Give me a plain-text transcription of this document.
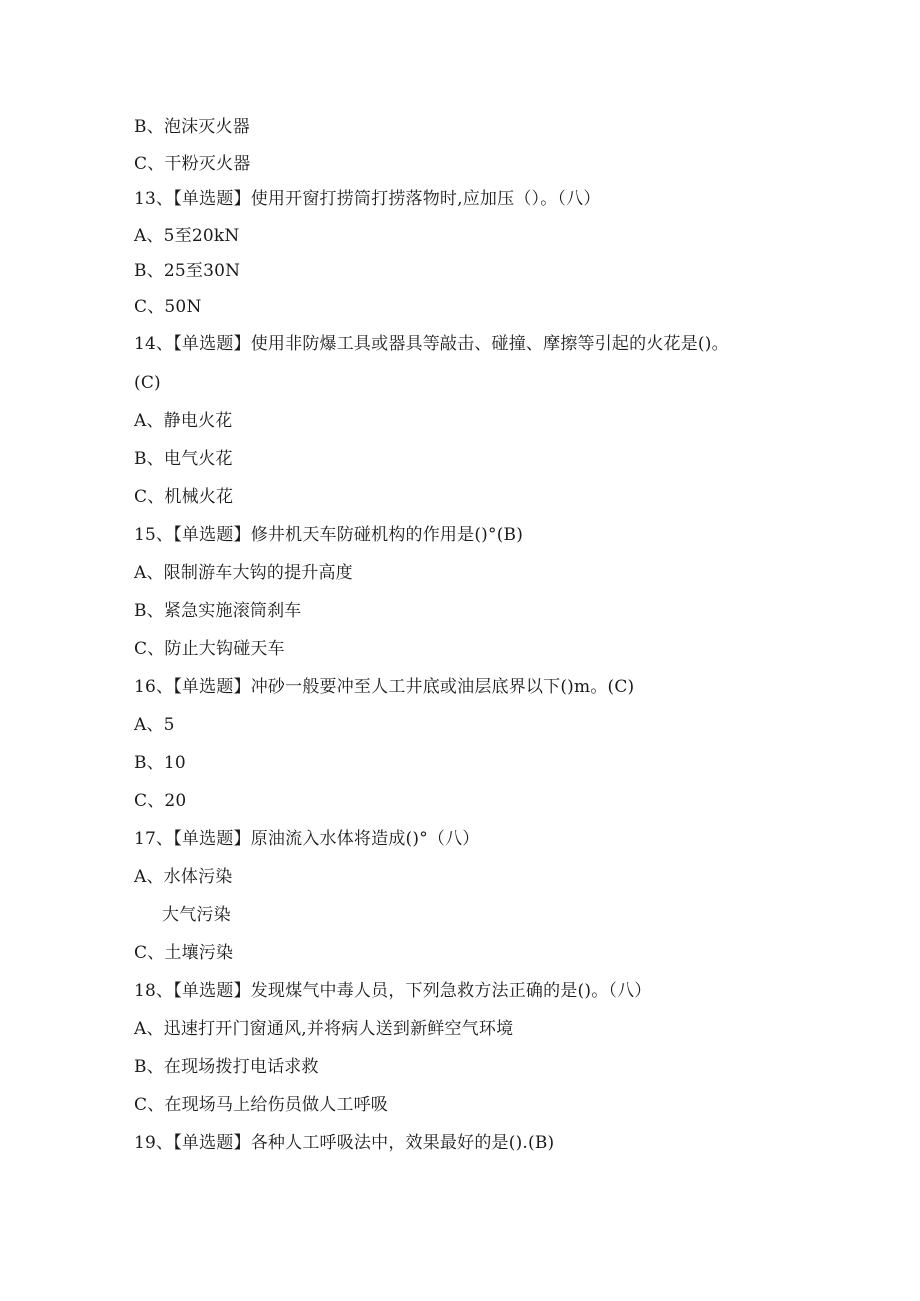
B、泡沫灭火器
C、干粉灭火器
13、【单选题】使用开窗打捞筒打捞落物时,应加压（）。（八）
A、5至20kN
B、25至30N
C、50N
14、【单选题】使用非防爆工具或器具等敲击、碰撞、摩擦等引起的火花是()。
(C)
A、静电火花
B、电气火花
C、机械火花
15、【单选题】修井机天车防碰机构的作用是()°(B)
A、限制游车大钩的提升高度
B、紧急实施滚筒刹车
C、防止大钩碰天车
16、【单选题】冲砂一般要冲至人工井底或油层底界以下()m。(C)
A、5
B、10
C、20
17、【单选题】原油流入水体将造成()°（八）
A、水体污染
大气污染
C、土壤污染
18、【单选题】发现煤气中毒人员，下列急救方法正确的是()。（八）
A、迅速打开门窗通风,并将病人送到新鲜空气环境
B、在现场拨打电话求救
C、在现场马上给伤员做人工呼吸
19、【单选题】各种人工呼吸法中，效果最好的是().(B)
